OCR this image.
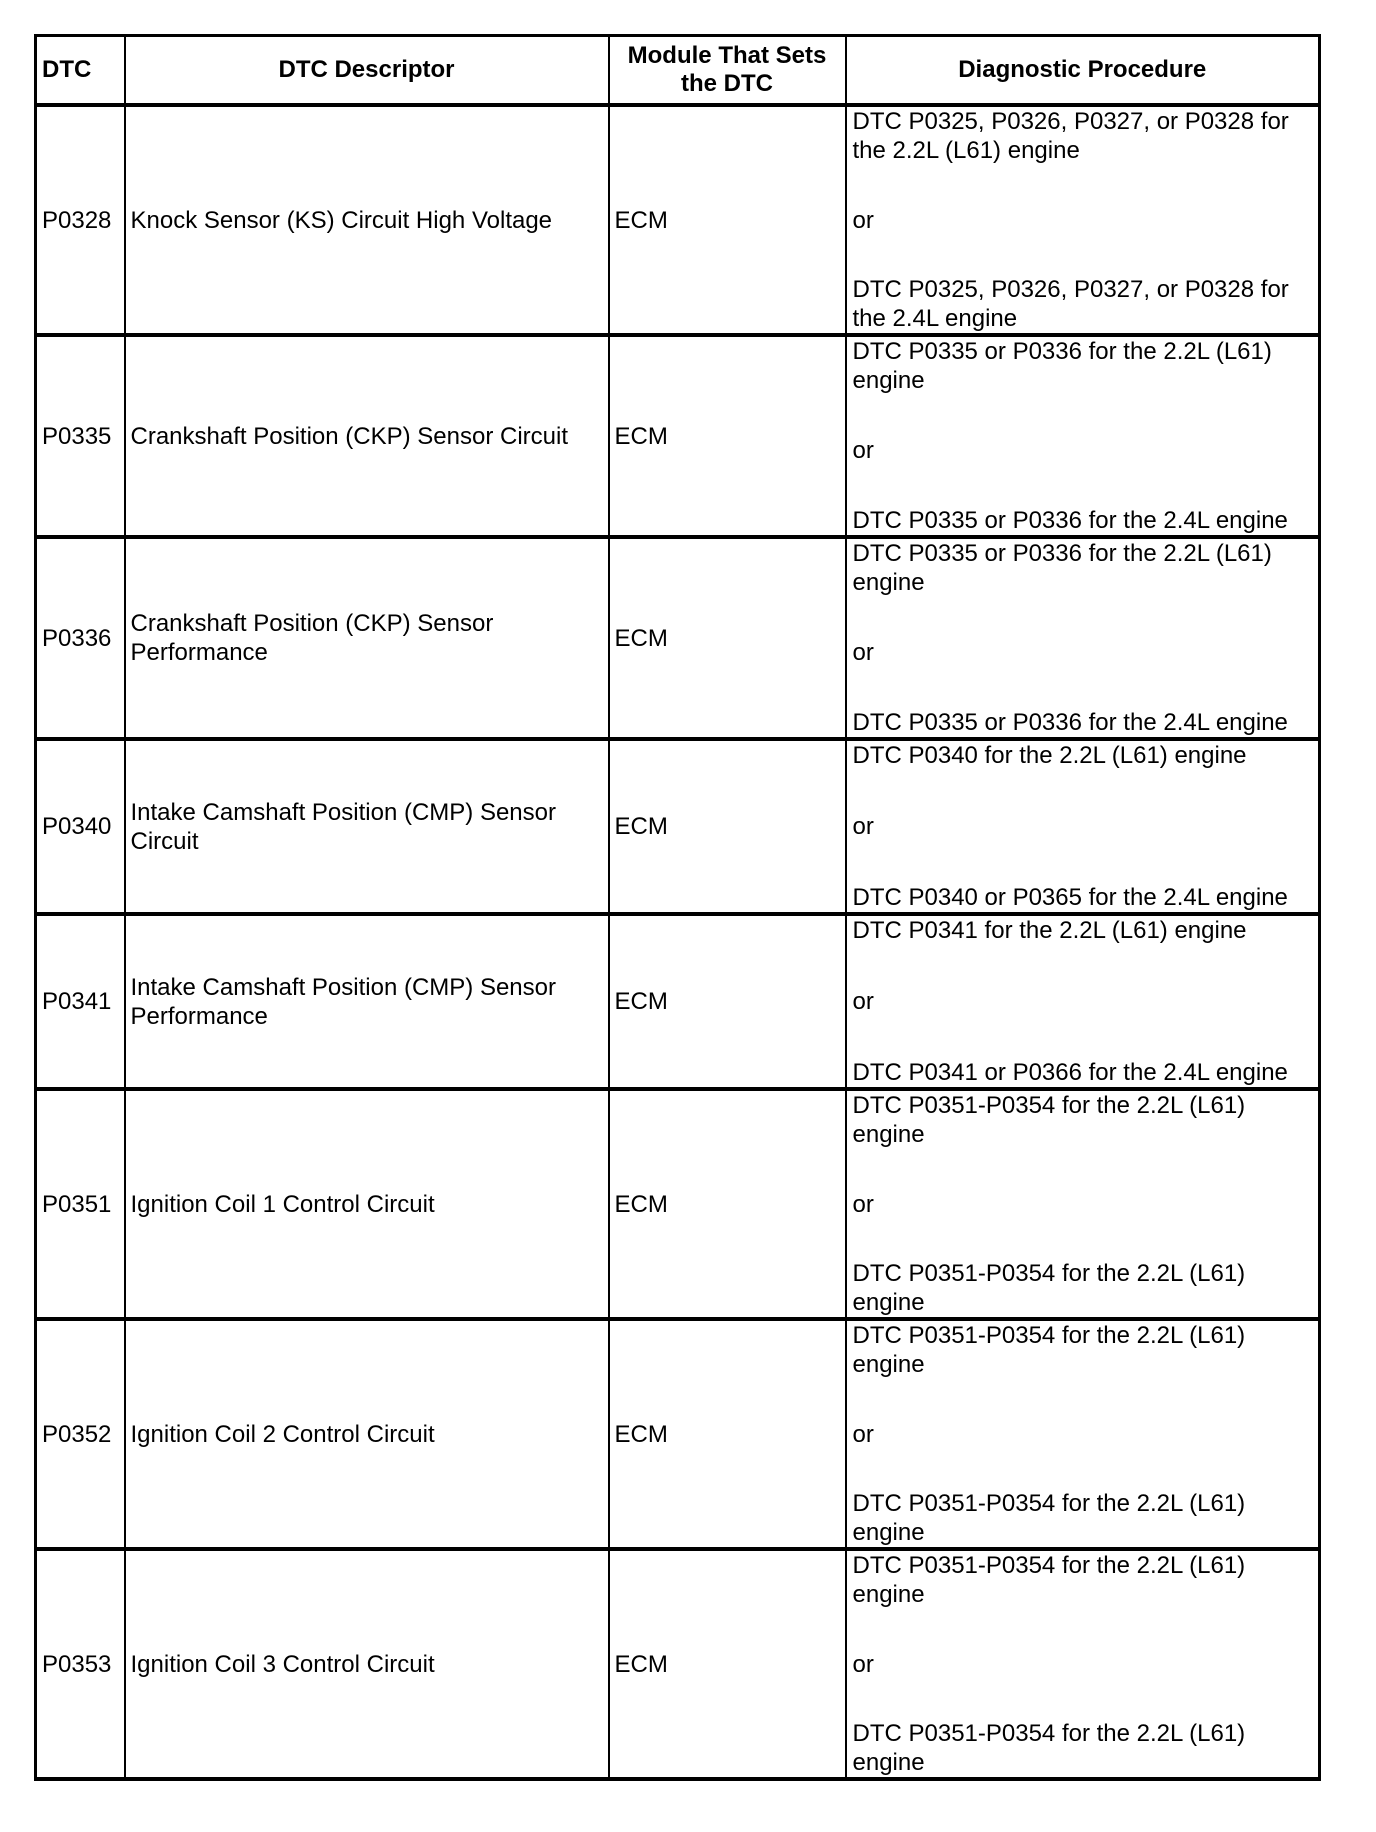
DTC	DTC Descriptor	Module That Sets the DTC	Diagnostic Procedure
P0328	Knock Sensor (KS) Circuit High Voltage	ECM	DTC P0325, P0326, P0327, or P0328 for the 2.2L (L61) engine
or
DTC P0325, P0326, P0327, or P0328 for the 2.4L engine

P0335	Crankshaft Position (CKP) Sensor Circuit	ECM	DTC P0335 or P0336 for the 2.2L (L61) engine
or
DTC P0335 or P0336 for the 2.4L engine

P0336	Crankshaft Position (CKP) Sensor Performance	ECM	DTC P0335 or P0336 for the 2.2L (L61) engine
or
DTC P0335 or P0336 for the 2.4L engine

P0340	Intake Camshaft Position (CMP) Sensor Circuit	ECM	DTC P0340 for the 2.2L (L61) engine
or
DTC P0340 or P0365 for the 2.4L engine

P0341	Intake Camshaft Position (CMP) Sensor Performance	ECM	DTC P0341 for the 2.2L (L61) engine
or
DTC P0341 or P0366 for the 2.4L engine

P0351	Ignition Coil 1 Control Circuit	ECM	DTC P0351-P0354 for the 2.2L (L61) engine
or
DTC P0351-P0354 for the 2.2L (L61) engine

P0352	Ignition Coil 2 Control Circuit	ECM	DTC P0351-P0354 for the 2.2L (L61) engine
or
DTC P0351-P0354 for the 2.2L (L61) engine

P0353	Ignition Coil 3 Control Circuit	ECM	DTC P0351-P0354 for the 2.2L (L61) engine
or
DTC P0351-P0354 for the 2.2L (L61) engine
